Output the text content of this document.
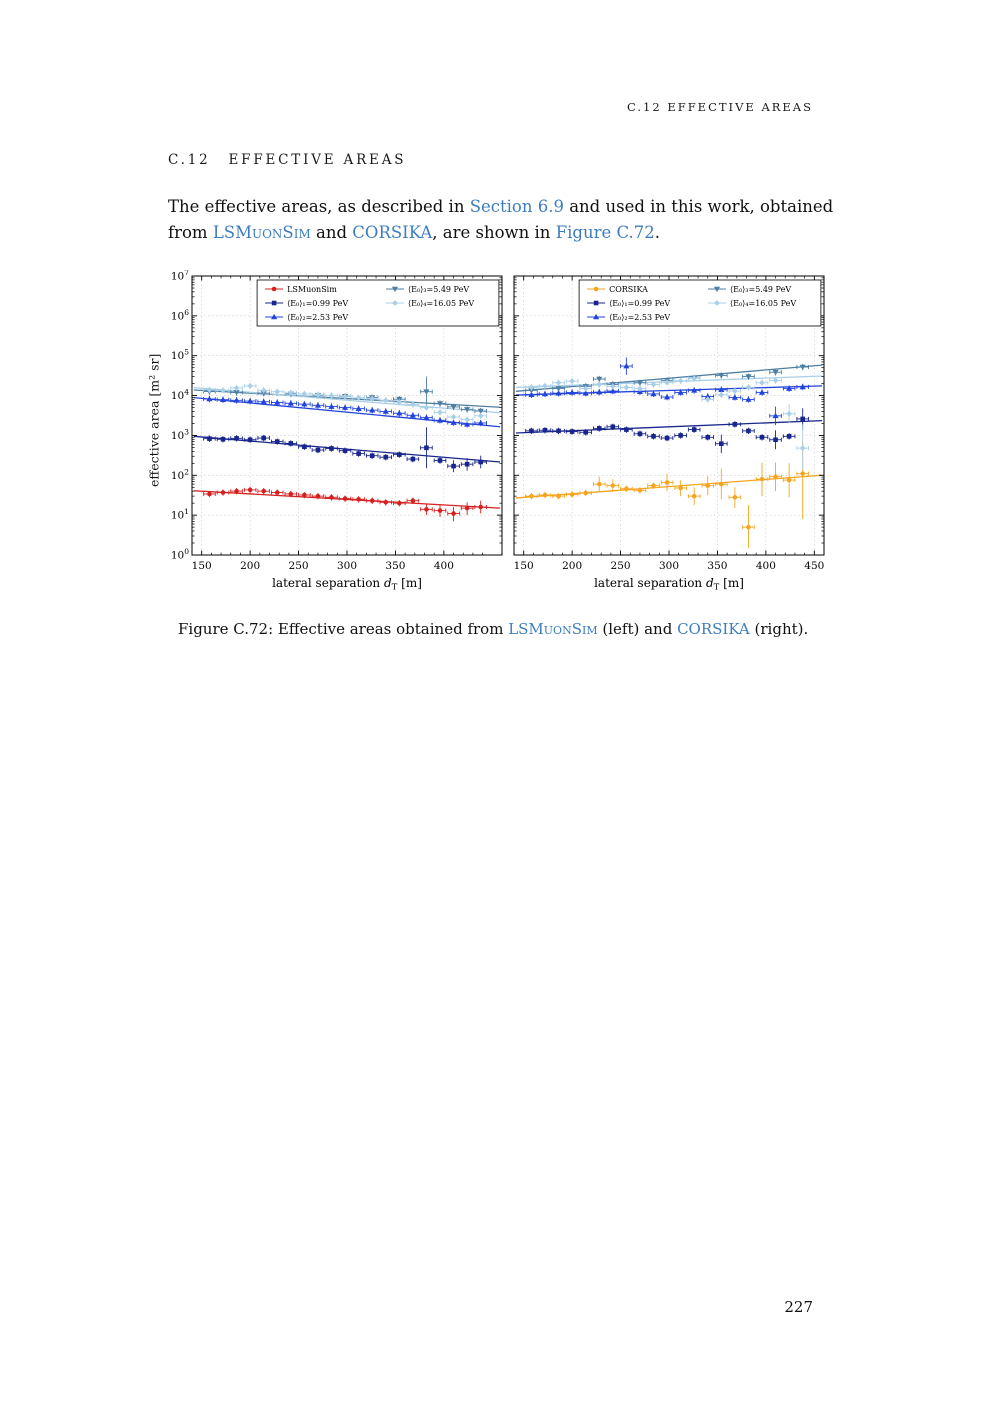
C.12 EFFECTIVE AREAS
C.12 EFFECTIVE AREAS

The effective areas, as described in Section 6.9 and used in this work, obtained from LSMuonSim and CORSIKA, are shown in Figure C.72.

effective area [m² sr]
150	200	250	300	350	400
$10^0$
$10^1$
$10^2$
$10^3$
$10^4$
$10^5$
$10^6$
$10^7$
lateral separation $d_T$ [m]
LSMuonSim
⟨E₀⟩₁=0.99 PeV
⟨E₀⟩₂=2.53 PeV
⟨E₀⟩₃=5.49 PeV
⟨E₀⟩₄=16.05 PeV
150	200	250	300	350	400	450
lateral separation $d_T$ [m]
CORSIKA
⟨E₀⟩₁=0.99 PeV
⟨E₀⟩₂=2.53 PeV
⟨E₀⟩₃=5.49 PeV
⟨E₀⟩₄=16.05 PeV
Figure C.72: Effective areas obtained from LSMuonSim (left) and CORSIKA (right).
227
